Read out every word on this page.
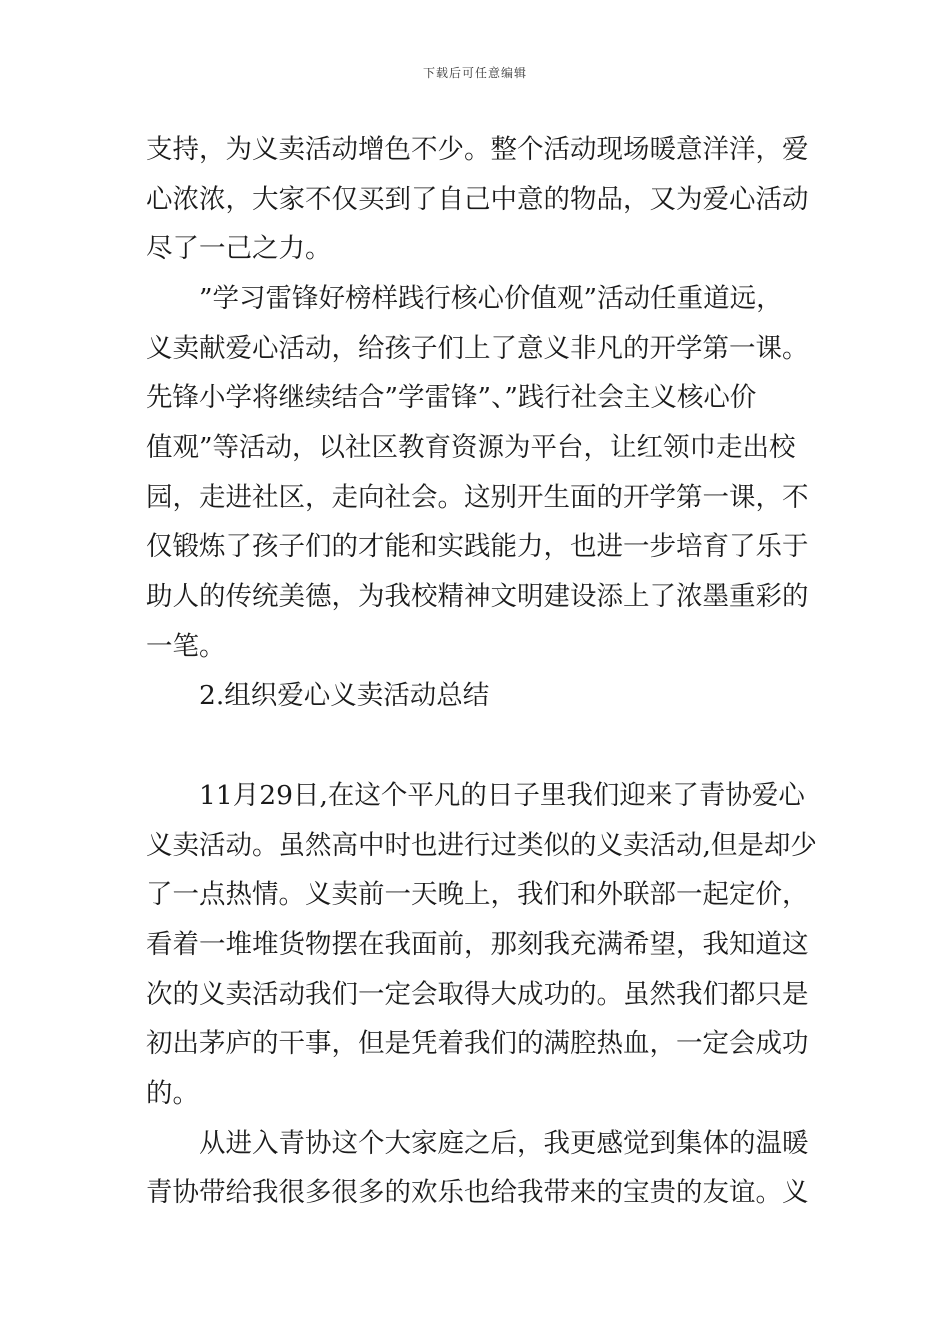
下载后可任意编辑
支持，为义卖活动增色不少。整个活动现场暖意洋洋，爱
心浓浓，大家不仅买到了自己中意的物品，又为爱心活动
尽了一己之力。
”学习雷锋好榜样践行核心价值观”活动任重道远，
义卖献爱心活动，给孩子们上了意义非凡的开学第一课。
先锋小学将继续结合”学雷锋”、”践行社会主义核心价
值观”等活动，以社区教育资源为平台，让红领巾走出校
园，走进社区，走向社会。这别开生面的开学第一课，不
仅锻炼了孩子们的才能和实践能力，也进一步培育了乐于
助人的传统美德，为我校精神文明建设添上了浓墨重彩的
一笔。
2.组织爱心义卖活动总结
11月29日,在这个平凡的日子里我们迎来了青协爱心
义卖活动。虽然高中时也进行过类似的义卖活动,但是却少
了一点热情。义卖前一天晚上，我们和外联部一起定价，
看着一堆堆货物摆在我面前，那刻我充满希望，我知道这
次的义卖活动我们一定会取得大成功的。虽然我们都只是
初出茅庐的干事，但是凭着我们的满腔热血，一定会成功
的。
从进入青协这个大家庭之后，我更感觉到集体的温暖
青协带给我很多很多的欢乐也给我带来的宝贵的友谊。义
